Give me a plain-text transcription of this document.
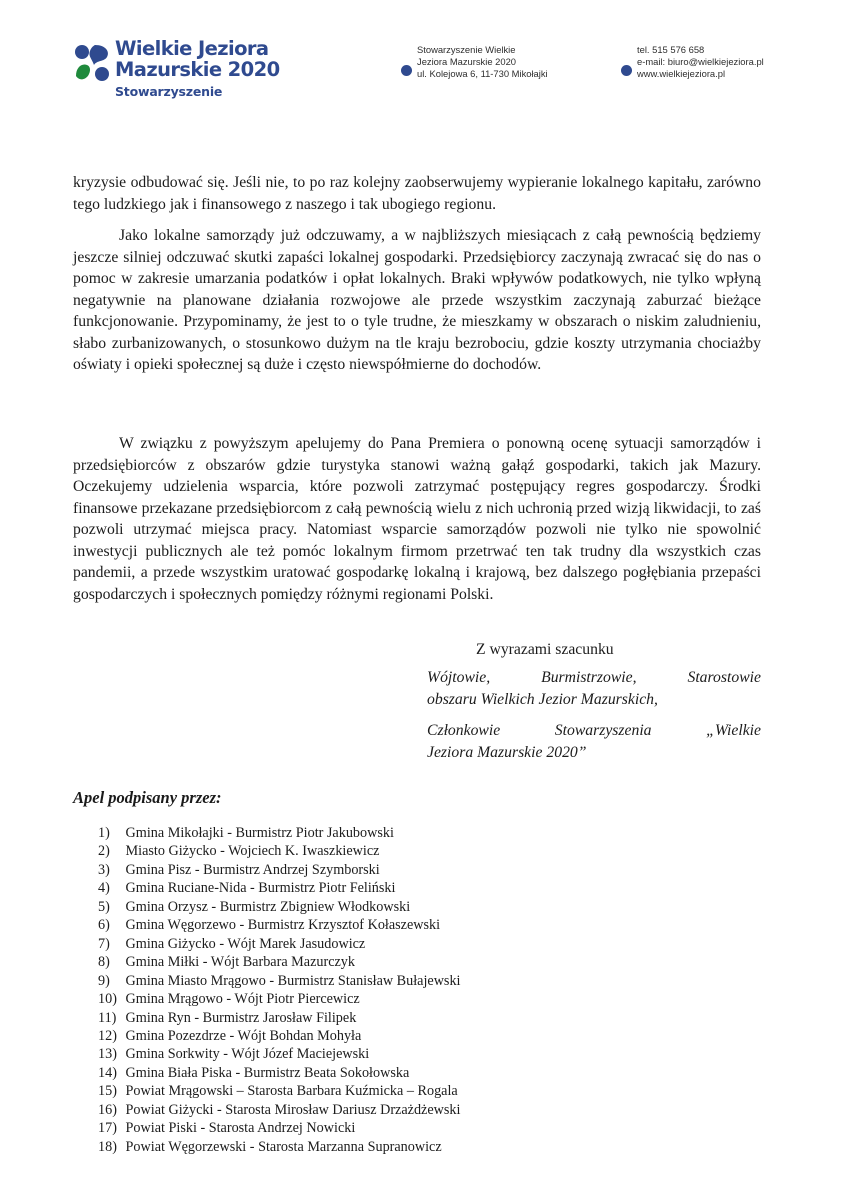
Wielkie Jeziora
Mazurskie 2020
Stowarzyszenie
Stowarzyszenie Wielkie
Jeziora Mazurskie 2020
ul. Kolejowa 6, 11-730 Mikołajki
tel. 515 576 658
e-mail: biuro@wielkiejeziora.pl
www.wielkiejeziora.pl

kryzysie odbudować się. Jeśli nie, to po raz kolejny zaobserwujemy wypieranie lokalnego kapitału, zarówno tego ludzkiego jak i finansowego z naszego i tak ubogiego regionu.

Jako lokalne samorządy już odczuwamy, a w najbliższych miesiącach z całą pewnością będziemy jeszcze silniej odczuwać skutki zapaści lokalnej gospodarki. Przedsiębiorcy zaczynają zwracać się do nas o pomoc w zakresie umarzania podatków i opłat lokalnych. Braki wpływów podatkowych, nie tylko wpłyną negatywnie na planowane działania rozwojowe ale przede wszystkim zaczynają zaburzać bieżące funkcjonowanie. Przypominamy, że jest to o tyle trudne, że mieszkamy w obszarach o niskim zaludnieniu, słabo zurbanizowanych, o stosunkowo dużym na tle kraju bezrobociu, gdzie koszty utrzymania chociażby oświaty i opieki społecznej są duże i często niewspółmierne do dochodów.

W związku z powyższym apelujemy do Pana Premiera o ponowną ocenę sytuacji samorządów i przedsiębiorców z obszarów gdzie turystyka stanowi ważną gałąź gospodarki, takich jak Mazury. Oczekujemy udzielenia wsparcia, które pozwoli zatrzymać postępujący regres gospodarczy. Środki finansowe przekazane przedsiębiorcom z całą pewnością wielu z nich uchronią przed wizją likwidacji, to zaś pozwoli utrzymać miejsca pracy. Natomiast wsparcie samorządów pozwoli nie tylko nie spowolnić inwestycji publicznych ale też pomóc lokalnym firmom przetrwać ten tak trudny dla wszystkich czas pandemii, a przede wszystkim uratować gospodarkę lokalną i krajową, bez dalszego pogłębiania przepaści gospodarczych i społecznych pomiędzy różnymi regionami Polski.

Z wyrazami szacunku
Wójtowie,	Burmistrzowie,	Starostowie
obszaru Wielkich Jezior Mazurskich,
Członkowie	Stowarzyszenia	„Wielkie
Jeziora Mazurskie 2020”
Apel podpisany przez:
1) Gmina Mikołajki - Burmistrz Piotr Jakubowski
2) Miasto Giżycko - Wojciech K. Iwaszkiewicz
3) Gmina Pisz - Burmistrz Andrzej Szymborski
4) Gmina Ruciane-Nida - Burmistrz Piotr Feliński
5) Gmina Orzysz - Burmistrz Zbigniew Włodkowski
6) Gmina Węgorzewo - Burmistrz Krzysztof Kołaszewski
7) Gmina Giżycko - Wójt Marek Jasudowicz
8) Gmina Miłki - Wójt Barbara Mazurczyk
9) Gmina Miasto Mrągowo - Burmistrz Stanisław Bułajewski
10) Gmina Mrągowo - Wójt Piotr Piercewicz
11) Gmina Ryn - Burmistrz Jarosław Filipek
12) Gmina Pozezdrze - Wójt Bohdan Mohyła
13) Gmina Sorkwity - Wójt Józef Maciejewski
14) Gmina Biała Piska - Burmistrz Beata Sokołowska
15) Powiat Mrągowski – Starosta Barbara Kuźmicka – Rogala
16) Powiat Giżycki - Starosta Mirosław Dariusz Drzażdżewski
17) Powiat Piski - Starosta Andrzej Nowicki
18) Powiat Węgorzewski - Starosta Marzanna Supranowicz
